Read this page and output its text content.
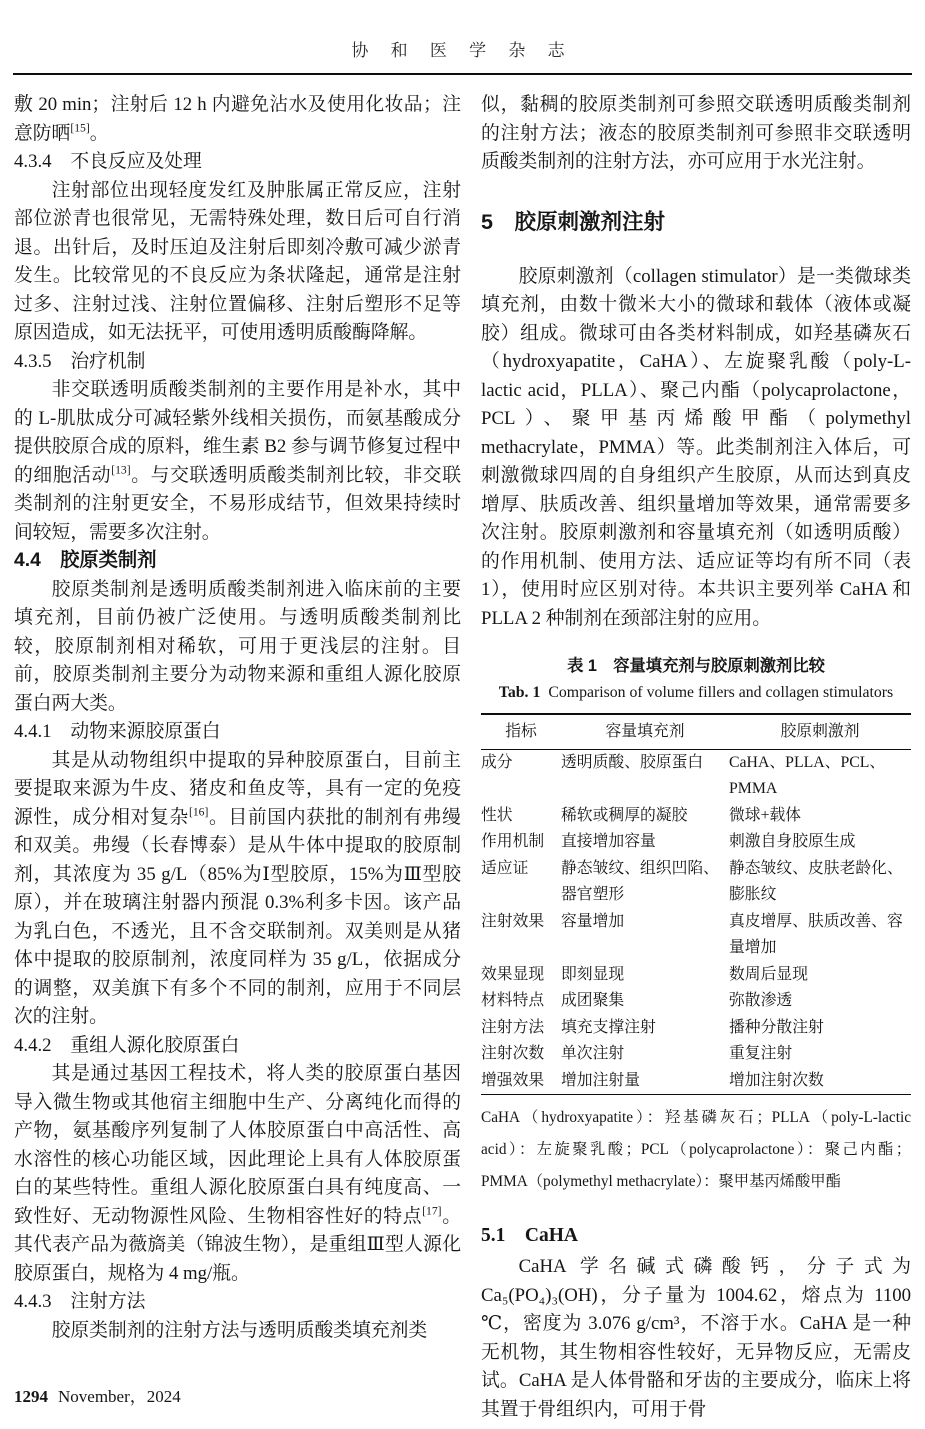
协 和 医 学 杂 志

敷 20 min；注射后 12 h 内避免沾水及使用化妆品；注意防晒[15]。

4.3.4　不良反应及处理

注射部位出现轻度发红及肿胀属正常反应，注射部位淤青也很常见，无需特殊处理，数日后可自行消退。出针后，及时压迫及注射后即刻冷敷可减少淤青发生。比较常见的不良反应为条状隆起，通常是注射过多、注射过浅、注射位置偏移、注射后塑形不足等原因造成，如无法抚平，可使用透明质酸酶降解。

4.3.5　治疗机制

非交联透明质酸类制剂的主要作用是补水，其中的 L-肌肽成分可减轻紫外线相关损伤，而氨基酸成分提供胶原合成的原料，维生素 B2 参与调节修复过程中的细胞活动[13]。与交联透明质酸类制剂比较，非交联类制剂的注射更安全，不易形成结节，但效果持续时间较短，需要多次注射。

4.4　胶原类制剂

胶原类制剂是透明质酸类制剂进入临床前的主要填充剂，目前仍被广泛使用。与透明质酸类制剂比较，胶原制剂相对稀软，可用于更浅层的注射。目前，胶原类制剂主要分为动物来源和重组人源化胶原蛋白两大类。

4.4.1　动物来源胶原蛋白

其是从动物组织中提取的异种胶原蛋白，目前主要提取来源为牛皮、猪皮和鱼皮等，具有一定的免疫源性，成分相对复杂[16]。目前国内获批的制剂有弗缦和双美。弗缦（长春博泰）是从牛体中提取的胶原制剂，其浓度为 35 g/L（85%为Ⅰ型胶原，15%为Ⅲ型胶原），并在玻璃注射器内预混 0.3%利多卡因。该产品为乳白色，不透光，且不含交联制剂。双美则是从猪体中提取的胶原制剂，浓度同样为 35 g/L，依据成分的调整，双美旗下有多个不同的制剂，应用于不同层次的注射。

4.4.2　重组人源化胶原蛋白

其是通过基因工程技术，将人类的胶原蛋白基因导入微生物或其他宿主细胞中生产、分离纯化而得的产物，氨基酸序列复制了人体胶原蛋白中高活性、高水溶性的核心功能区域，因此理论上具有人体胶原蛋白的某些特性。重组人源化胶原蛋白具有纯度高、一致性好、无动物源性风险、生物相容性好的特点[17]。其代表产品为薇旖美（锦波生物），是重组Ⅲ型人源化胶原蛋白，规格为 4 mg/瓶。

4.4.3　注射方法

胶原类制剂的注射方法与透明质酸类填充剂类

似，黏稠的胶原类制剂可参照交联透明质酸类制剂的注射方法；液态的胶原类制剂可参照非交联透明质酸类制剂的注射方法，亦可应用于水光注射。

5　胶原刺激剂注射

胶原刺激剂（collagen stimulator）是一类微球类填充剂，由数十微米大小的微球和载体（液体或凝胶）组成。微球可由各类材料制成，如羟基磷灰石（hydroxyapatite，CaHA）、左旋聚乳酸（poly-L-lactic acid，PLLA）、聚己内酯（polycaprolactone，PCL）、聚甲基丙烯酸甲酯（polymethyl methacrylate，PMMA）等。此类制剂注入体后，可刺激微球四周的自身组织产生胶原，从而达到真皮增厚、肤质改善、组织量增加等效果，通常需要多次注射。胶原刺激剂和容量填充剂（如透明质酸）的作用机制、使用方法、适应证等均有所不同（表 1），使用时应区别对待。本共识主要列举 CaHA 和 PLLA 2 种制剂在颈部注射的应用。

表 1　容量填充剂与胶原刺激剂比较
Tab. 1 Comparison of volume fillers and collagen stimulators
指标	容量填充剂	胶原刺激剂
成分	透明质酸、胶原蛋白	CaHA、PLLA、PCL、PMMA
性状	稀软或稠厚的凝胶	微球+载体
作用机制	直接增加容量	刺激自身胶原生成
适应证	静态皱纹、组织凹陷、器官塑形	静态皱纹、皮肤老龄化、膨胀纹
注射效果	容量增加	真皮增厚、肤质改善、容量增加
效果显现	即刻显现	数周后显现
材料特点	成团聚集	弥散渗透
注射方法	填充支撑注射	播种分散注射
注射次数	单次注射	重复注射
增强效果	增加注射量	增加注射次数
CaHA（hydroxyapatite）：羟基磷灰石；PLLA（poly-L-lactic acid）：左旋聚乳酸；PCL（polycaprolactone）：聚己内酯；PMMA（polymethyl methacrylate）：聚甲基丙烯酸甲酯

5.1　CaHA

CaHA 学名碱式磷酸钙，分子式为 Ca₅(PO₄)₃(OH)，分子量为 1004.62，熔点为 1100 ℃，密度为 3.076 g/cm³，不溶于水。CaHA 是一种无机物，其生物相容性较好，无异物反应，无需皮试。CaHA 是人体骨骼和牙齿的主要成分，临床上将其置于骨组织内，可用于骨

1294 November，2024
